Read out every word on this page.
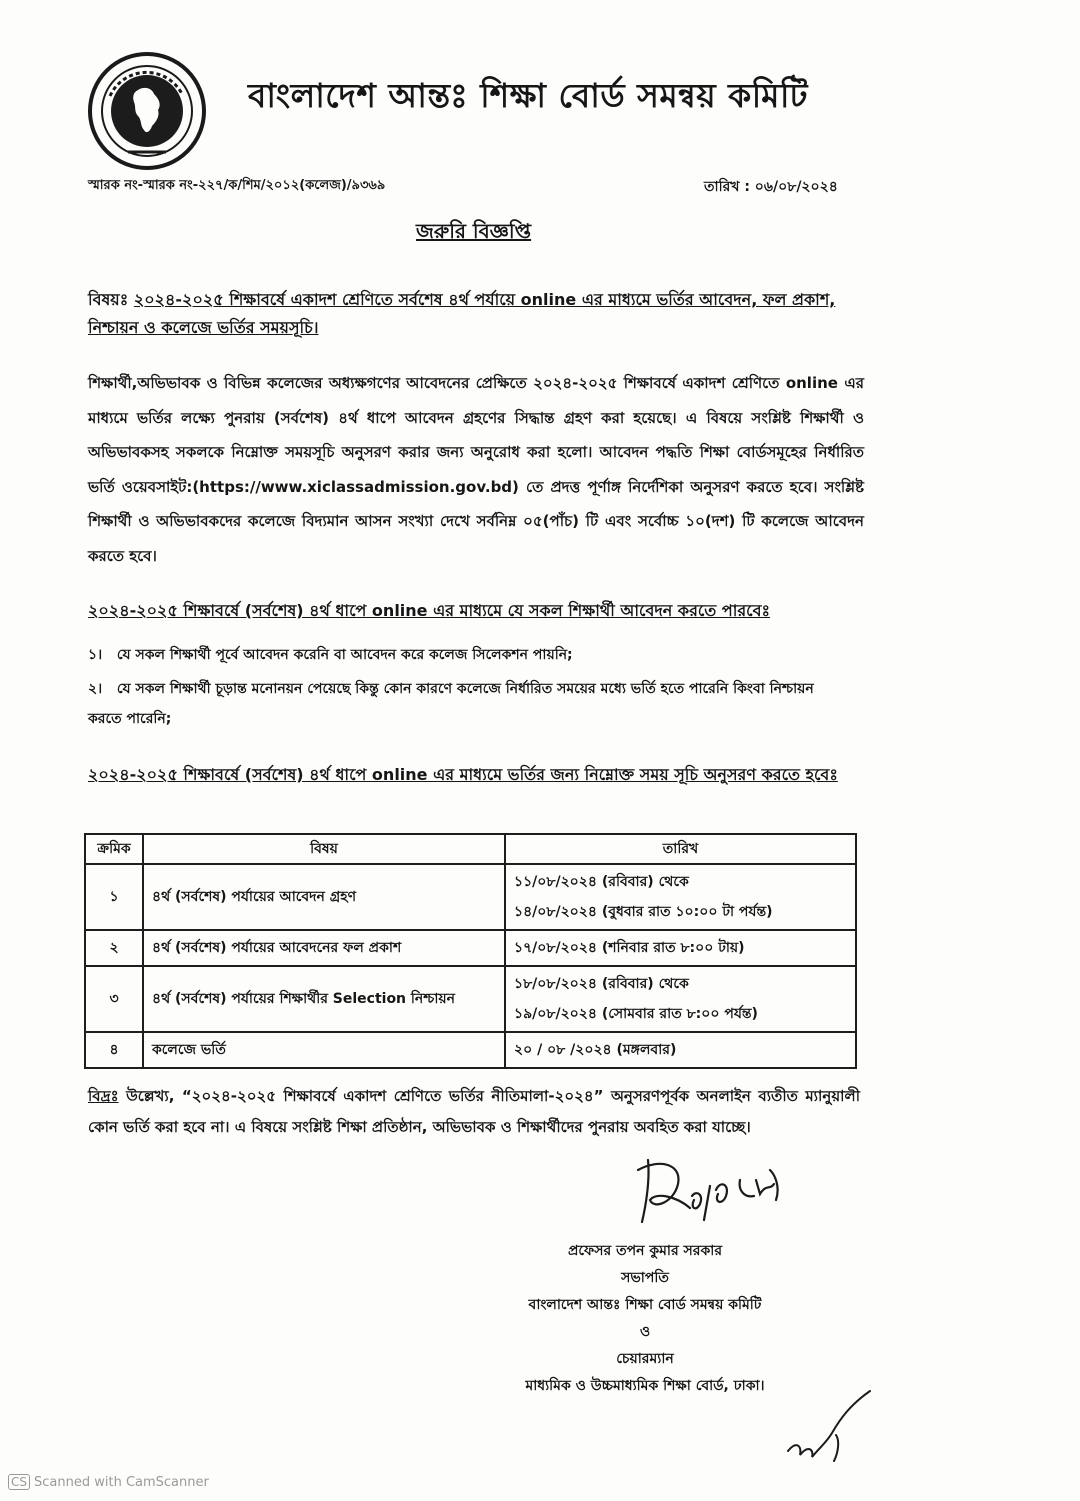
বাংলাদেশ আন্তঃ শিক্ষা বোর্ড সমন্বয় কমিটি
স্মারক নং-স্মারক নং-২২৭/ক/শিম/২০১২(কলেজ)/৯৩৬৯	তারিখ : ০৬/০৮/২০২৪
জরুরি বিজ্ঞপ্তি
বিষয়ঃ ২০২৪-২০২৫ শিক্ষাবর্ষে একাদশ শ্রেণিতে সর্বশেষ ৪র্থ পর্যায়ে online এর মাধ্যমে ভর্তির আবেদন, ফল প্রকাশ, নিশ্চায়ন ও কলেজে ভর্তির সময়সূচি।
শিক্ষার্থী,অভিভাবক ও বিভিন্ন কলেজের অধ্যক্ষগণের আবেদনের প্রেক্ষিতে ২০২৪-২০২৫ শিক্ষাবর্ষে একাদশ শ্রেণিতে online এর মাধ্যমে ভর্তির লক্ষ্যে পুনরায় (সর্বশেষ) ৪র্থ ধাপে আবেদন গ্রহণের সিদ্ধান্ত গ্রহণ করা হয়েছে। এ বিষয়ে সংশ্লিষ্ট শিক্ষার্থী ও অভিভাবকসহ সকলকে নিম্নোক্ত সময়সূচি অনুসরণ করার জন্য অনুরোধ করা হলো। আবেদন পদ্ধতি শিক্ষা বোর্ডসমূহের নির্ধারিত ভর্তি ওয়েবসাইট:(https://www.xiclassadmission.gov.bd) তে প্রদত্ত পূর্ণাঙ্গ নির্দেশিকা অনুসরণ করতে হবে। সংশ্লিষ্ট শিক্ষার্থী ও অভিভাবকদের কলেজে বিদ্যমান আসন সংখ্যা দেখে সর্বনিম্ন ০৫(পাঁচ) টি এবং সর্বোচ্চ ১০(দশ) টি কলেজে আবেদন করতে হবে।
২০২৪-২০২৫ শিক্ষাবর্ষে (সর্বশেষ) ৪র্থ ধাপে online এর মাধ্যমে যে সকল শিক্ষার্থী আবেদন করতে পারবেঃ
১। যে সকল শিক্ষার্থী পূর্বে আবেদন করেনি বা আবেদন করে কলেজ সিলেকশন পায়নি;
২। যে সকল শিক্ষার্থী চূড়ান্ত মনোনয়ন পেয়েছে কিন্তু কোন কারণে কলেজে নির্ধারিত সময়ের মধ্যে ভর্তি হতে পারেনি কিংবা নিশ্চায়ন করতে পারেনি;
২০২৪-২০২৫ শিক্ষাবর্ষে (সর্বশেষ) ৪র্থ ধাপে online এর মাধ্যমে ভর্তির জন্য নিম্নোক্ত সময় সূচি অনুসরণ করতে হবেঃ
ক্রমিক	বিষয়	তারিখ
১	৪র্থ (সর্বশেষ) পর্যায়ের আবেদন গ্রহণ	১১/০৮/২০২৪ (রবিবার) থেকে
১৪/০৮/২০২৪ (বুধবার রাত ১০:০০ টা পর্যন্ত)

২	৪র্থ (সর্বশেষ) পর্যায়ের আবেদনের ফল প্রকাশ	১৭/০৮/২০২৪ (শনিবার রাত ৮:০০ টায়)

৩	৪র্থ (সর্বশেষ) পর্যায়ের শিক্ষার্থীর Selection নিশ্চায়ন	১৮/০৮/২০২৪ (রবিবার) থেকে
১৯/০৮/২০২৪ (সোমবার রাত ৮:০০ পর্যন্ত)

৪	কলেজে ভর্তি	২০ / ০৮ /২০২৪ (মঙ্গলবার)
বিদ্রঃ উল্লেখ্য, “২০২৪-২০২৫ শিক্ষাবর্ষে একাদশ শ্রেণিতে ভর্তির নীতিমালা-২০২৪” অনুসরণপূর্বক অনলাইন ব্যতীত ম্যানুয়ালী কোন ভর্তি করা হবে না। এ বিষয়ে সংশ্লিষ্ট শিক্ষা প্রতিষ্ঠান, অভিভাবক ও শিক্ষার্থীদের পুনরায় অবহিত করা যাচ্ছে।
প্রফেসর তপন কুমার সরকার
সভাপতি
বাংলাদেশ আন্তঃ শিক্ষা বোর্ড সমন্বয় কমিটি
ও
চেয়ারম্যান
মাধ্যমিক ও উচ্চমাধ্যমিক শিক্ষা বোর্ড, ঢাকা।
CS Scanned with CamScanner
